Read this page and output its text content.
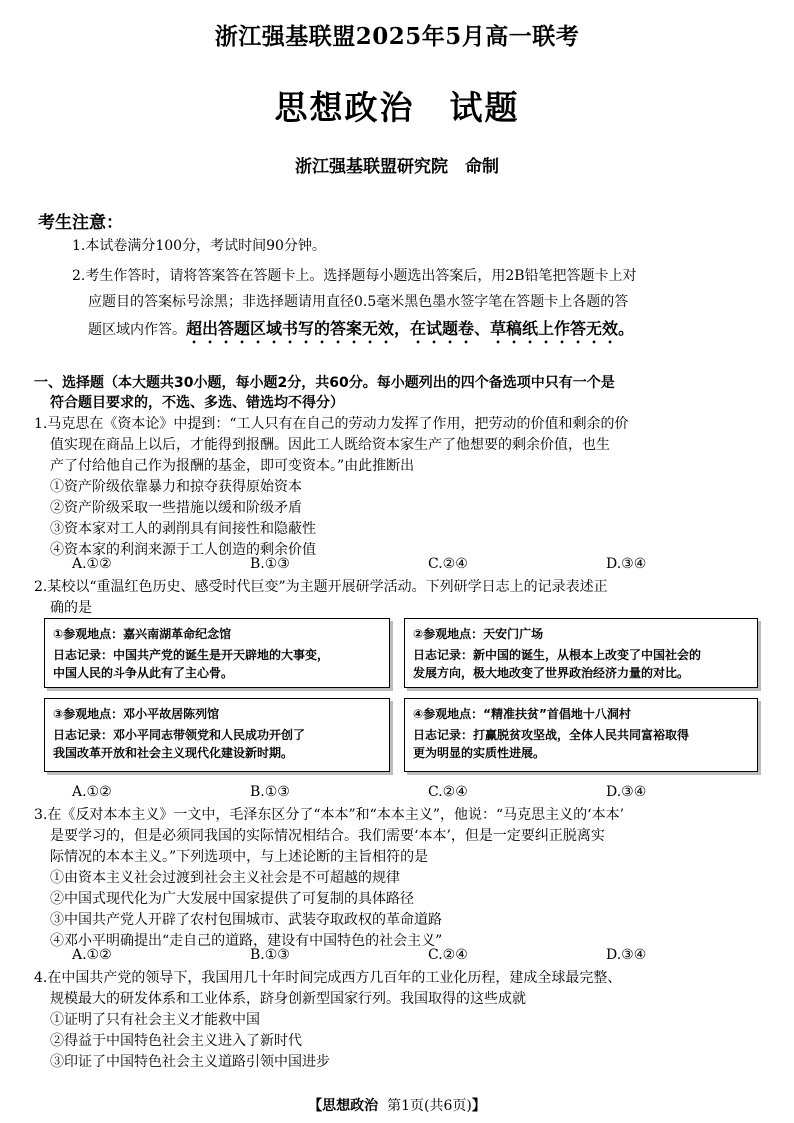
浙江强基联盟2025年5月高一联考
思想政治　试题
浙江强基联盟研究院　命制
考生注意：
1.本试卷满分100分，考试时间90分钟。
2.考生作答时，请将答案答在答题卡上。选择题每小题选出答案后，用2B铅笔把答题卡上对
应题目的答案标号涂黑；非选择题请用直径0.5毫米黑色墨水签字笔在答题卡上各题的答
题区域内作答。超出答题区域书写的答案无效，在试题卷、草稿纸上作答无效。
一、选择题（本大题共30小题，每小题2分，共60分。每小题列出的四个备选项中只有一个是
符合题目要求的，不选、多选、错选均不得分）
1.马克思在《资本论》中提到：“工人只有在自己的劳动力发挥了作用，把劳动的价值和剩余的价
值实现在商品上以后，才能得到报酬。因此工人既给资本家生产了他想要的剩余价值，也生
产了付给他自己作为报酬的基金，即可变资本。”由此推断出
①资产阶级依靠暴力和掠夺获得原始资本
②资产阶级采取一些措施以缓和阶级矛盾
③资本家对工人的剥削具有间接性和隐蔽性
④资本家的利润来源于工人创造的剩余价值
A.①②	B.①③	C.②④	D.③④
2.某校以“重温红色历史、感受时代巨变”为主题开展研学活动。下列研学日志上的记录表述正
确的是
①参观地点：嘉兴南湖革命纪念馆
日志记录：中国共产党的诞生是开天辟地的大事变，
中国人民的斗争从此有了主心骨。
②参观地点：天安门广场
日志记录：新中国的诞生，从根本上改变了中国社会的
发展方向，极大地改变了世界政治经济力量的对比。
③参观地点：邓小平故居陈列馆
日志记录：邓小平同志带领党和人民成功开创了
我国改革开放和社会主义现代化建设新时期。
④参观地点：“精准扶贫”首倡地十八洞村
日志记录：打赢脱贫攻坚战，全体人民共同富裕取得
更为明显的实质性进展。
A.①②	B.①③	C.②④	D.③④
3.在《反对本本主义》一文中，毛泽东区分了“本本”和“本本主义”，他说：“马克思主义的‘本本’
是要学习的，但是必须同我国的实际情况相结合。我们需要‘本本’，但是一定要纠正脱离实
际情况的本本主义。”下列选项中，与上述论断的主旨相符的是
①由资本主义社会过渡到社会主义社会是不可超越的规律
②中国式现代化为广大发展中国家提供了可复制的具体路径
③中国共产党人开辟了农村包围城市、武装夺取政权的革命道路
④邓小平明确提出“走自己的道路，建设有中国特色的社会主义”
A.①②	B.①③	C.②④	D.③④
4.在中国共产党的领导下，我国用几十年时间完成西方几百年的工业化历程，建成全球最完整、
规模最大的研发体系和工业体系，跻身创新型国家行列。我国取得的这些成就
①证明了只有社会主义才能救中国
②得益于中国特色社会主义进入了新时代
③印证了中国特色社会主义道路引领中国进步
【思想政治 第1页(共6页)】
